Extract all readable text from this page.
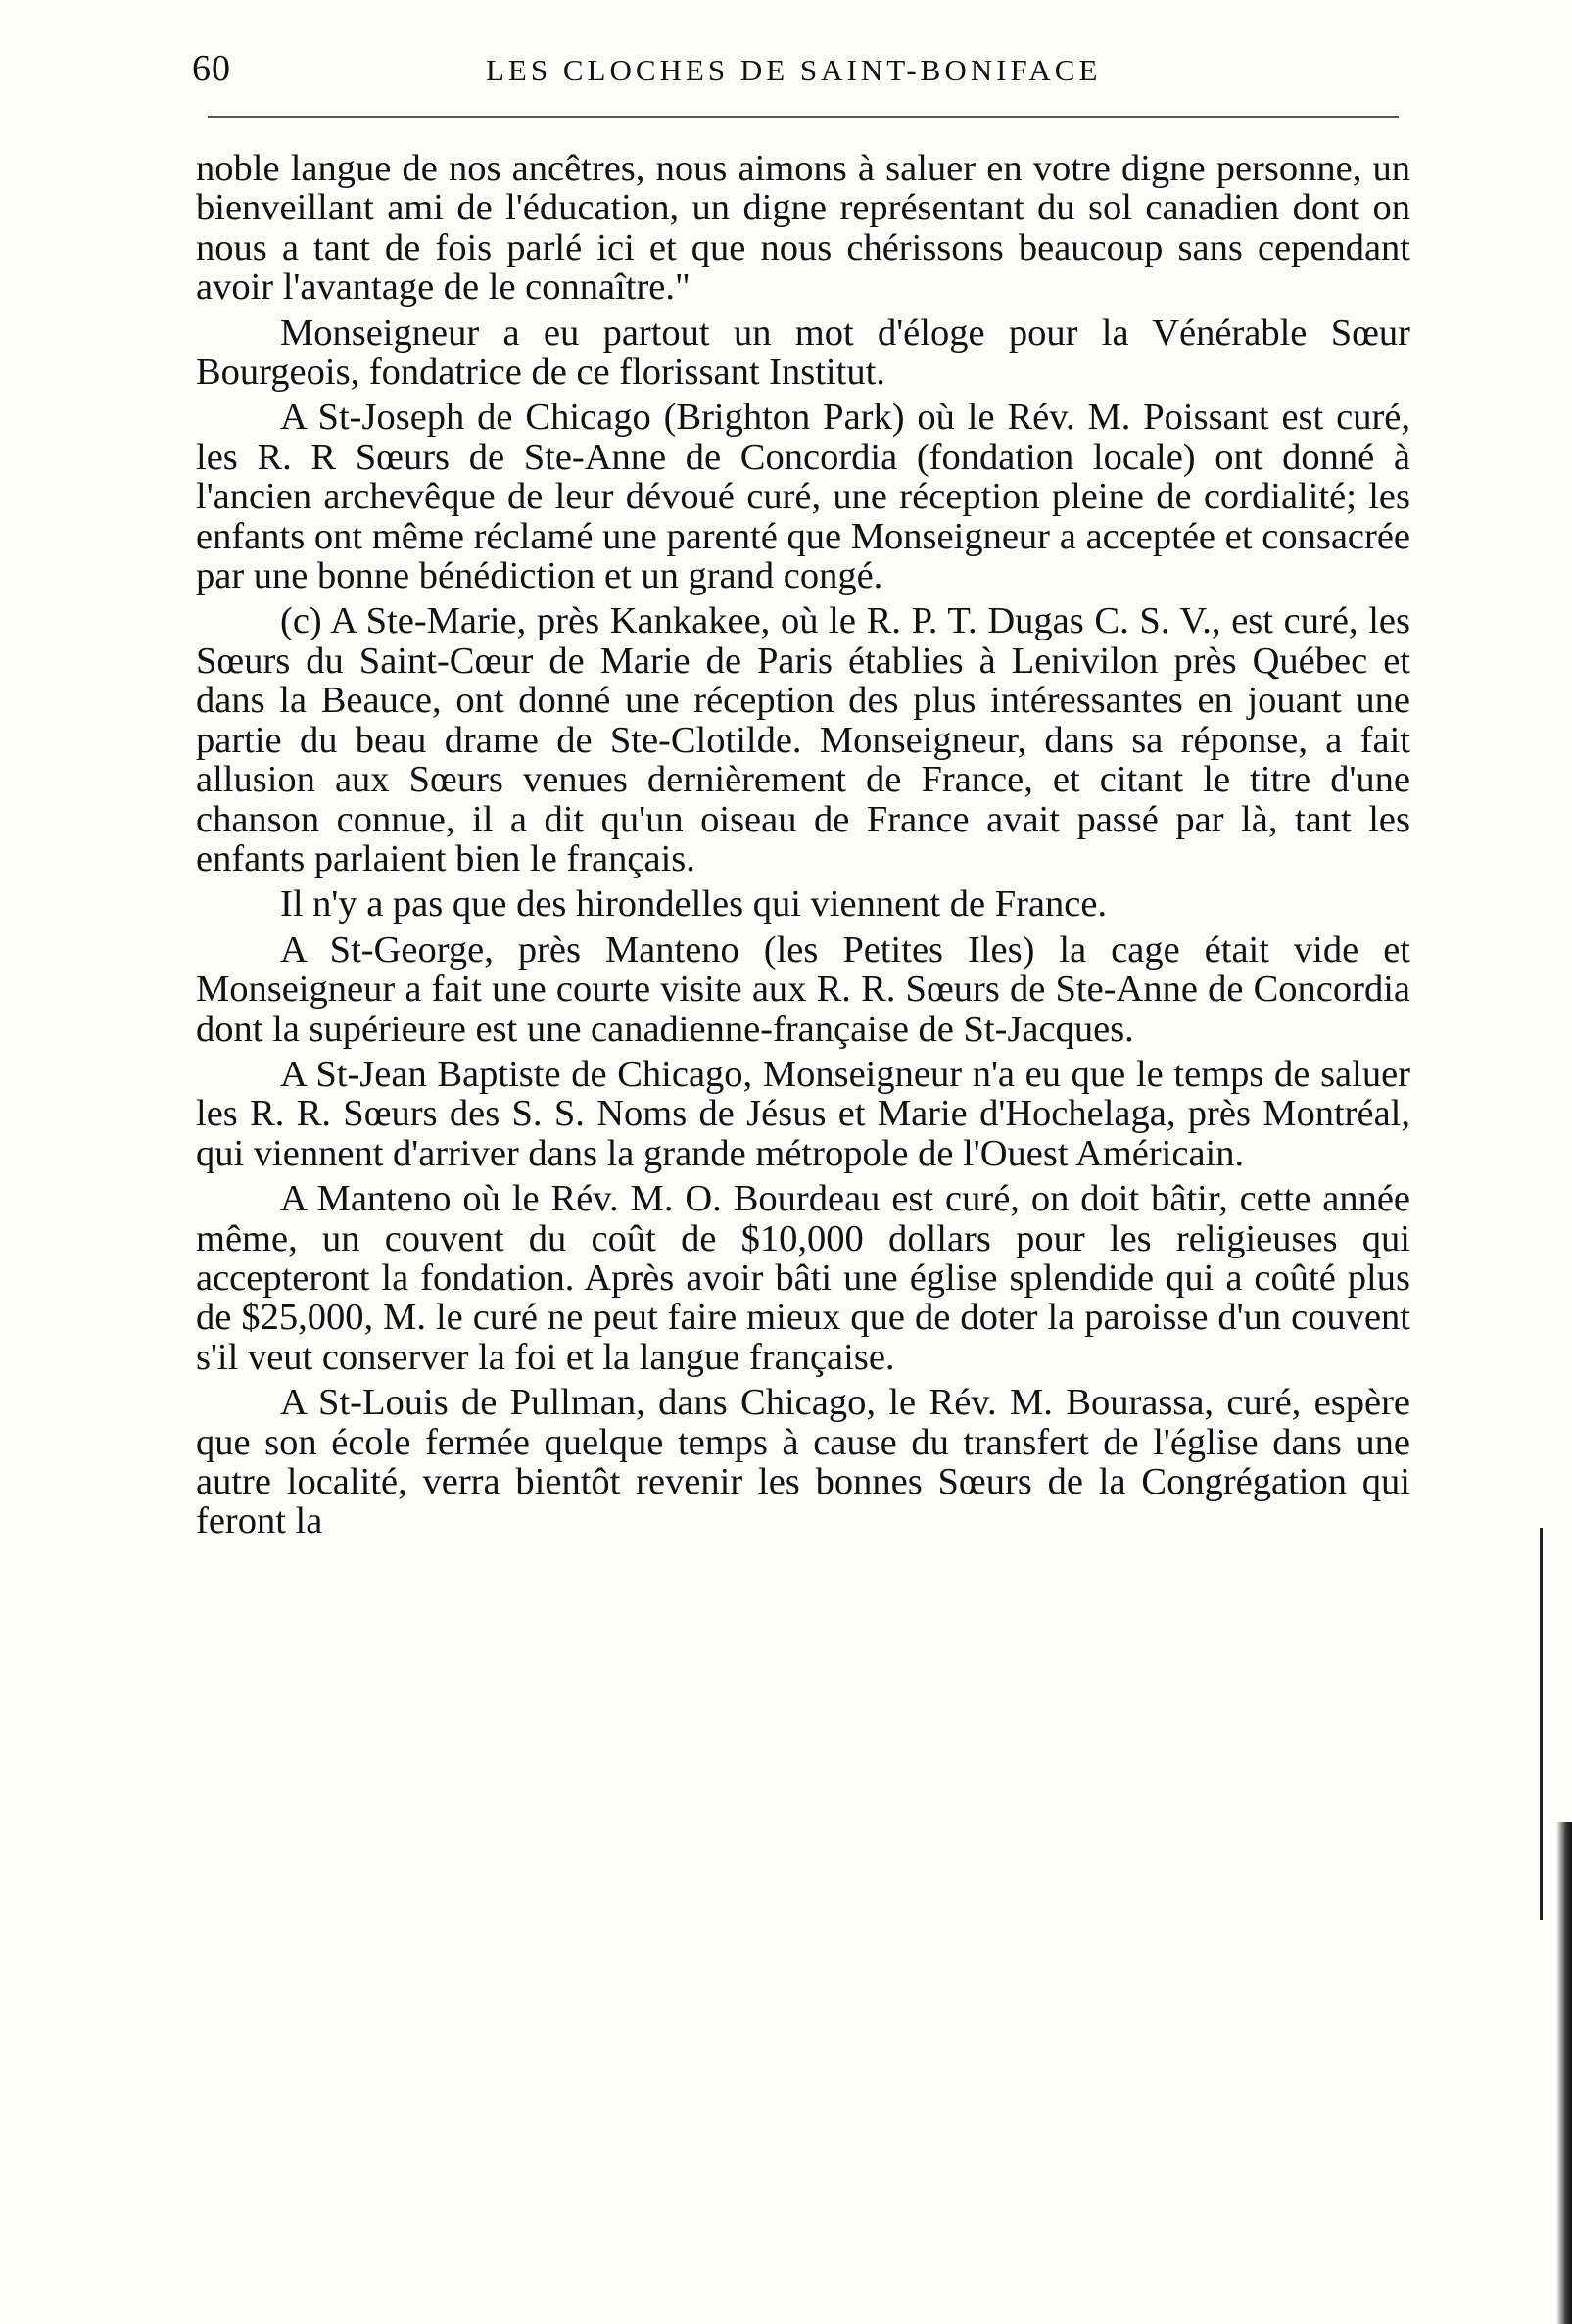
60	LES CLOCHES DE SAINT-BONIFACE

noble langue de nos ancêtres, nous aimons à saluer en votre digne personne, un bienveillant ami de l'éducation, un digne représentant du sol canadien dont on nous a tant de fois parlé ici et que nous chérissons beaucoup sans cependant avoir l'avantage de le connaître."

Monseigneur a eu partout un mot d'éloge pour la Vénérable Sœur Bourgeois, fondatrice de ce florissant Institut.

A St-Joseph de Chicago (Brighton Park) où le Rév. M. Poissant est curé, les R. R Sœurs de Ste-Anne de Concordia (fondation locale) ont donné à l'ancien archevêque de leur dévoué curé, une réception pleine de cordialité; les enfants ont même réclamé une parenté que Monseigneur a acceptée et consacrée par une bonne bénédiction et un grand congé.

(c) A Ste-Marie, près Kankakee, où le R. P. T. Dugas C. S. V., est curé, les Sœurs du Saint-Cœur de Marie de Paris établies à Lenivilon près Québec et dans la Beauce, ont donné une réception des plus intéressantes en jouant une partie du beau drame de Ste-Clotilde. Monseigneur, dans sa réponse, a fait allusion aux Sœurs venues dernièrement de France, et citant le titre d'une chanson connue, il a dit qu'un oiseau de France avait passé par là, tant les enfants parlaient bien le français.

Il n'y a pas que des hirondelles qui viennent de France.

A St-George, près Manteno (les Petites Iles) la cage était vide et Monseigneur a fait une courte visite aux R. R. Sœurs de Ste-Anne de Concordia dont la supérieure est une canadienne-française de St-Jacques.

A St-Jean Baptiste de Chicago, Monseigneur n'a eu que le temps de saluer les R. R. Sœurs des S. S. Noms de Jésus et Marie d'Hochelaga, près Montréal, qui viennent d'arriver dans la grande métropole de l'Ouest Américain.

A Manteno où le Rév. M. O. Bourdeau est curé, on doit bâtir, cette année même, un couvent du coût de $10,000 dollars pour les religieuses qui accepteront la fondation. Après avoir bâti une église splendide qui a coûté plus de $25,000, M. le curé ne peut faire mieux que de doter la paroisse d'un couvent s'il veut conserver la foi et la langue française.

A St-Louis de Pullman, dans Chicago, le Rév. M. Bourassa, curé, espère que son école fermée quelque temps à cause du transfert de l'église dans une autre localité, verra bientôt revenir les bonnes Sœurs de la Congrégation qui feront la
